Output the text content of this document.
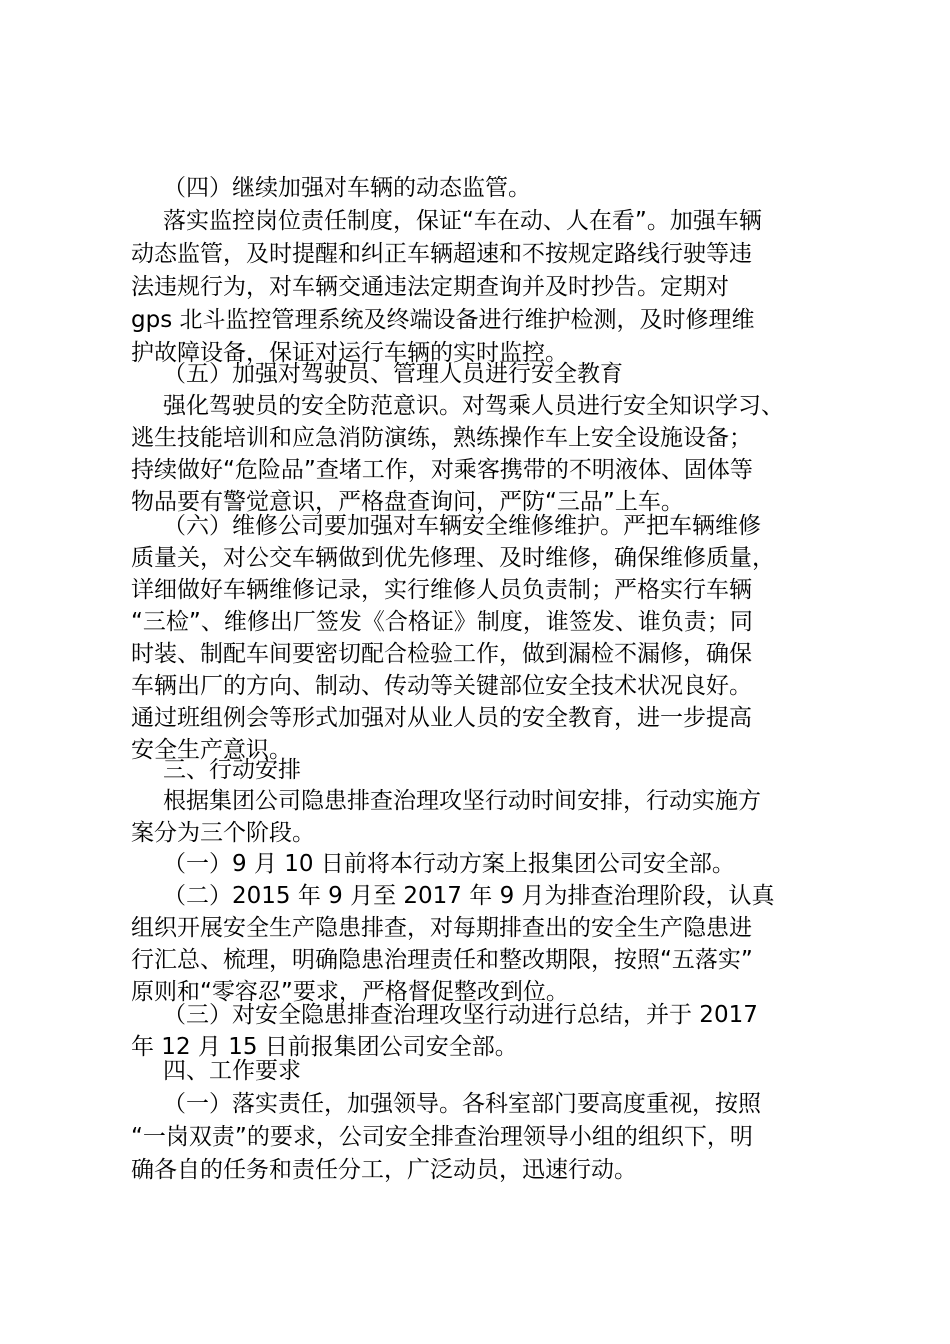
（四）继续加强对车辆的动态监管。
落实监控岗位责任制度，保证“车在动、人在看”。加强车辆
动态监管，及时提醒和纠正车辆超速和不按规定路线行驶等违
法违规行为，对车辆交通违法定期查询并及时抄告。定期对
gps 北斗监控管理系统及终端设备进行维护检测，及时修理维
护故障设备，保证对运行车辆的实时监控。
（五）加强对驾驶员、管理人员进行安全教育
强化驾驶员的安全防范意识。对驾乘人员进行安全知识学习、
逃生技能培训和应急消防演练，熟练操作车上安全设施设备；
持续做好“危险品”查堵工作，对乘客携带的不明液体、固体等
物品要有警觉意识，严格盘查询问，严防“三品”上车。
（六）维修公司要加强对车辆安全维修维护。严把车辆维修
质量关，对公交车辆做到优先修理、及时维修，确保维修质量，
详细做好车辆维修记录，实行维修人员负责制；严格实行车辆
“三检”、维修出厂签发《合格证》制度，谁签发、谁负责；同
时装、制配车间要密切配合检验工作，做到漏检不漏修，确保
车辆出厂的方向、制动、传动等关键部位安全技术状况良好。
通过班组例会等形式加强对从业人员的安全教育，进一步提高
安全生产意识。
三、行动安排
根据集团公司隐患排查治理攻坚行动时间安排，行动实施方
案分为三个阶段。
（一）9 月 10 日前将本行动方案上报集团公司安全部。
（二）2015 年 9 月至 2017 年 9 月为排查治理阶段，认真
组织开展安全生产隐患排查，对每期排查出的安全生产隐患进
行汇总、梳理，明确隐患治理责任和整改期限，按照“五落实”
原则和“零容忍”要求，严格督促整改到位。
（三）对安全隐患排查治理攻坚行动进行总结，并于 2017
年 12 月 15 日前报集团公司安全部。
四、工作要求
（一）落实责任，加强领导。各科室部门要高度重视，按照
“一岗双责”的要求，公司安全排查治理领导小组的组织下，明
确各自的任务和责任分工，广泛动员，迅速行动。
